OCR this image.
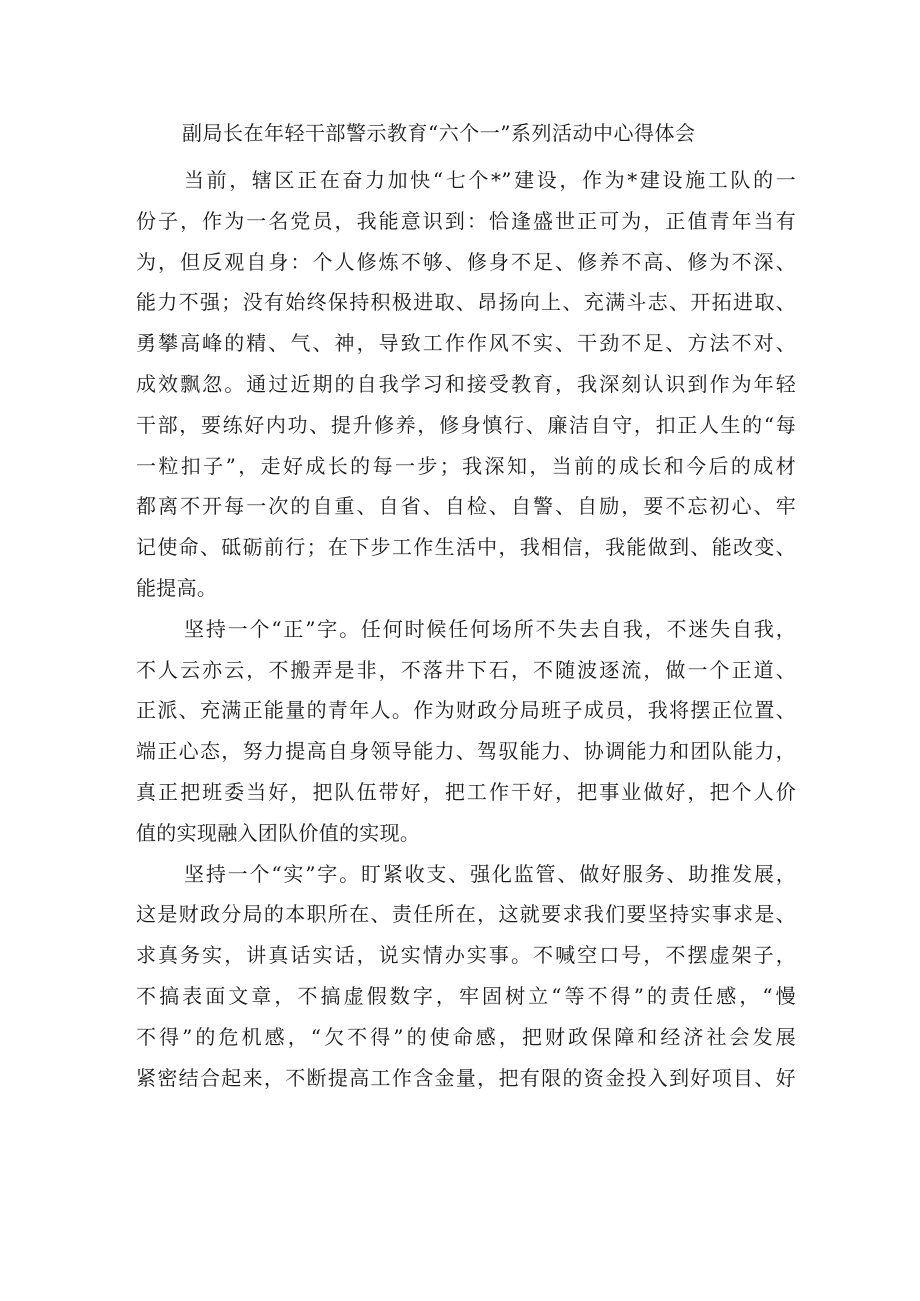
副局长在年轻干部警示教育“六个一”系列活动中心得体会
当前，辖区正在奋力加快“七个*”建设，作为*建设施工队的一
份子，作为一名党员，我能意识到：恰逢盛世正可为，正值青年当有
为，但反观自身：个人修炼不够、修身不足、修养不高、修为不深、
能力不强；没有始终保持积极进取、昂扬向上、充满斗志、开拓进取、
勇攀高峰的精、气、神，导致工作作风不实、干劲不足、方法不对、
成效飘忽。通过近期的自我学习和接受教育，我深刻认识到作为年轻
干部，要练好内功、提升修养，修身慎行、廉洁自守，扣正人生的“每
一粒扣子”，走好成长的每一步；我深知，当前的成长和今后的成材
都离不开每一次的自重、自省、自检、自警、自励，要不忘初心、牢
记使命、砥砺前行；在下步工作生活中，我相信，我能做到、能改变、
能提高。
坚持一个“正”字。任何时候任何场所不失去自我，不迷失自我，
不人云亦云，不搬弄是非，不落井下石，不随波逐流，做一个正道、
正派、充满正能量的青年人。作为财政分局班子成员，我将摆正位置、
端正心态，努力提高自身领导能力、驾驭能力、协调能力和团队能力，
真正把班委当好，把队伍带好，把工作干好，把事业做好，把个人价
值的实现融入团队价值的实现。
坚持一个“实”字。盯紧收支、强化监管、做好服务、助推发展，
这是财政分局的本职所在、责任所在，这就要求我们要坚持实事求是、
求真务实，讲真话实话，说实情办实事。不喊空口号，不摆虚架子，
不搞表面文章，不搞虚假数字，牢固树立“等不得”的责任感，“慢
不得”的危机感，“欠不得”的使命感，把财政保障和经济社会发展
紧密结合起来，不断提高工作含金量，把有限的资金投入到好项目、好
